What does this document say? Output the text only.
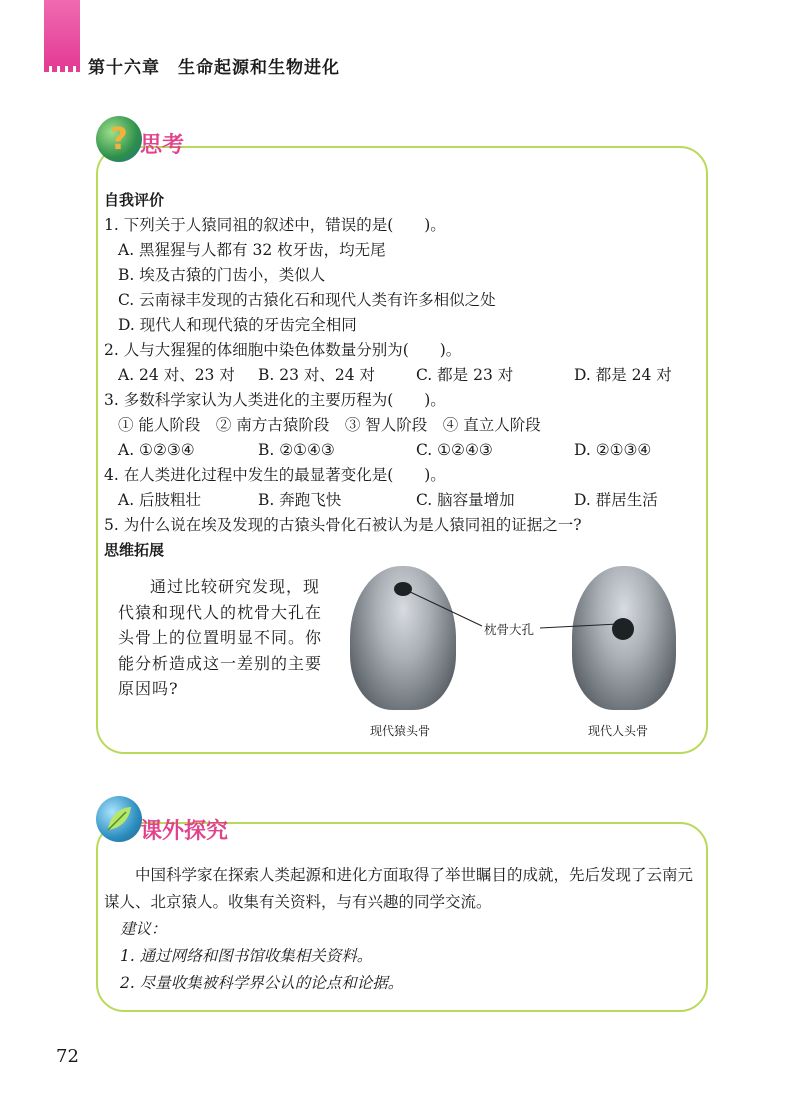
第十六章 生命起源和生物进化
? 思考
自我评价
1. 下列关于人猿同祖的叙述中，错误的是(　　)。
A. 黑猩猩与人都有 32 枚牙齿，均无尾
B. 埃及古猿的门齿小，类似人
C. 云南禄丰发现的古猿化石和现代人类有许多相似之处
D. 现代人和现代猿的牙齿完全相同
2. 人与大猩猩的体细胞中染色体数量分别为(　　)。
A. 24 对、23 对	B. 23 对、24 对	C. 都是 23 对	D. 都是 24 对
3. 多数科学家认为人类进化的主要历程为(　　)。
① 能人阶段　② 南方古猿阶段　③ 智人阶段　④ 直立人阶段
A. ①②③④	B. ②①④③	C. ①②④③	D. ②①③④
4. 在人类进化过程中发生的最显著变化是(　　)。
A. 后肢粗壮	B. 奔跑飞快	C. 脑容量增加	D. 群居生活
5. 为什么说在埃及发现的古猿头骨化石被认为是人猿同祖的证据之一?
思维拓展
通过比较研究发现，现代猿和现代人的枕骨大孔在头骨上的位置明显不同。你能分析造成这一差别的主要原因吗?
枕骨大孔
现代猿头骨	现代人头骨
课外探究
中国科学家在探索人类起源和进化方面取得了举世瞩目的成就，先后发现了云南元谋人、北京猿人。收集有关资料，与有兴趣的同学交流。
建议：
1. 通过网络和图书馆收集相关资料。
2. 尽量收集被科学界公认的论点和论据。
72
